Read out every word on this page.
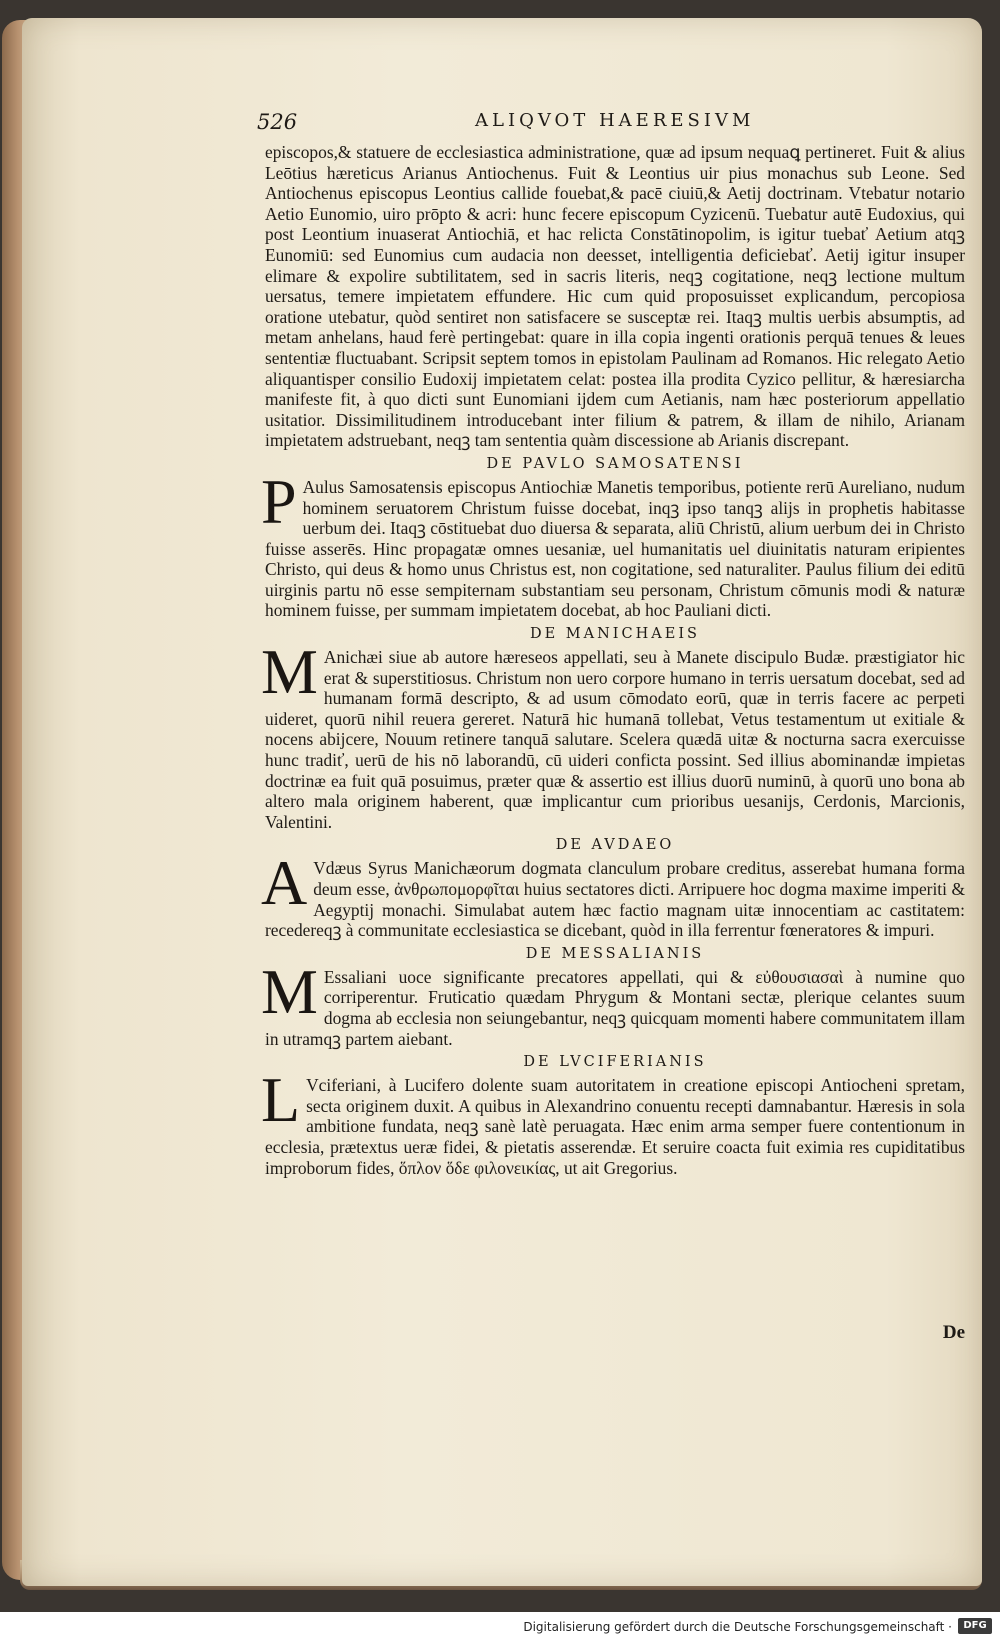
526	ALIQVOT HAERESIVM

episcopos,& statuere de ecclesiastica administratione, quæ ad ipsum nequaꝗ pertineret. Fuit & alius Leōtius hæreticus Arianus Antiochenus. Fuit & Leontius uir pius monachus sub Leone. Sed Antiochenus episcopus Leontius callide fouebat,& pacē ciuiū,& Aetij doctrinam. Vtebatur notario Aetio Eunomio, uiro prōpto & acri: hunc fecere episcopum Cyzicenū. Tuebatur autē Eudoxius, qui post Leontium inuaserat Antiochiā, et hac relicta Constātinopolim, is igitur tuebať Aetium atqꝫ Eunomiū: sed Eunomius cum audacia non deesset, intelligentia deficiebať. Aetij igitur insuper elimare & expolire subtilitatem, sed in sacris literis, neqꝫ cogitatione, neqꝫ lectione multum uersatus, temere impietatem effundere. Hic cum quid proposuisset explicandum, percopiosa oratione utebatur, quòd sentiret non satisfacere se susceptæ rei. Itaqꝫ multis uerbis absumptis, ad metam anhelans, haud ferè pertingebat: quare in illa copia ingenti orationis perquā tenues & leues sententiæ fluctuabant. Scripsit septem tomos in epistolam Paulinam ad Romanos. Hic relegato Aetio aliquantisper consilio Eudoxij impietatem celat: postea illa prodita Cyzico pellitur, & hæresiarcha manifeste fit, à quo dicti sunt Eunomiani ijdem cum Aetianis, nam hæc posteriorum appellatio usitatior. Dissimilitudinem introducebant inter filium & patrem, & illam de nihilo, Arianam impietatem adstruebant, neqꝫ tam sententia quàm discessione ab Arianis discrepant.

DE PAVLO SAMOSATENSI

P Aulus Samosatensis episcopus Antiochiæ Manetis temporibus, potiente rerū Aureliano, nudum hominem seruatorem Christum fuisse docebat, inqꝫ ipso tanqꝫ alijs in prophetis habitasse uerbum dei. Itaqꝫ cōstituebat duo diuersa & separata, aliū Christū, alium uerbum dei in Christo fuisse asserēs. Hinc propagatæ omnes uesaniæ, uel humanitatis uel diuinitatis naturam eripientes Christo, qui deus & homo unus Christus est, non cogitatione, sed naturaliter. Paulus filium dei editū uirginis partu nō esse sempiternam substantiam seu personam, Christum cōmunis modi & naturæ hominem fuisse, per summam impietatem docebat, ab hoc Pauliani dicti.

DE MANICHAEIS

M Anichæi siue ab autore hæreseos appellati, seu à Manete discipulo Budæ. præstigiator hic erat & superstitiosus. Christum non uero corpore humano in terris uersatum docebat, sed ad humanam formā descripto, & ad usum cōmodato eorū, quæ in terris facere ac perpeti uideret, quorū nihil reuera gereret. Naturā hic humanā tollebat, Vetus testamentum ut exitiale & nocens abijcere, Nouum retinere tanquā salutare. Scelera quædā uitæ & nocturna sacra exercuisse hunc tradiť, uerū de his nō laborandū, cū uideri conficta possint. Sed illius abominandæ impietas doctrinæ ea fuit quā posuimus, præter quæ & assertio est illius duorū numinū, à quorū uno bona ab altero mala originem haberent, quæ implicantur cum prioribus uesanijs, Cerdonis, Marcionis, Valentini.

DE AVDAEO

A Vdæus Syrus Manichæorum dogmata clanculum probare creditus, asserebat humana forma deum esse, ἀνθρωπομορφῖται huius sectatores dicti. Arripuere hoc dogma maxime imperiti & Aegyptij monachi. Simulabat autem hæc factio magnam uitæ innocentiam ac castitatem: recedereqꝫ à communitate ecclesiastica se dicebant, quòd in illa ferrentur fœneratores & impuri.

DE MESSALIANIS

M Essaliani uoce significante precatores appellati, qui & εὐθουσιασαὶ à numine quo corriperentur. Fruticatio quædam Phrygum & Montani sectæ, plerique celantes suum dogma ab ecclesia non seiungebantur, neqꝫ quicquam momenti habere communitatem illam in utramqꝫ partem aiebant.

DE LVCIFERIANIS

L Vciferiani, à Lucifero dolente suam autoritatem in creatione episcopi Antiocheni spretam, secta originem duxit. A quibus in Alexandrino conuentu recepti damnabantur. Hæresis in sola ambitione fundata, neqꝫ sanè latè peruagata. Hæc enim arma semper fuere contentionum in ecclesia, prætextus ueræ fidei, & pietatis asserendæ. Et seruire coacta fuit eximia res cupiditatibus improborum fides, ὅπλον ὅδε φιλονεικίας, ut ait Gregorius.

De
Digitalisierung gefördert durch die Deutsche Forschungsgemeinschaft ·	DFG
